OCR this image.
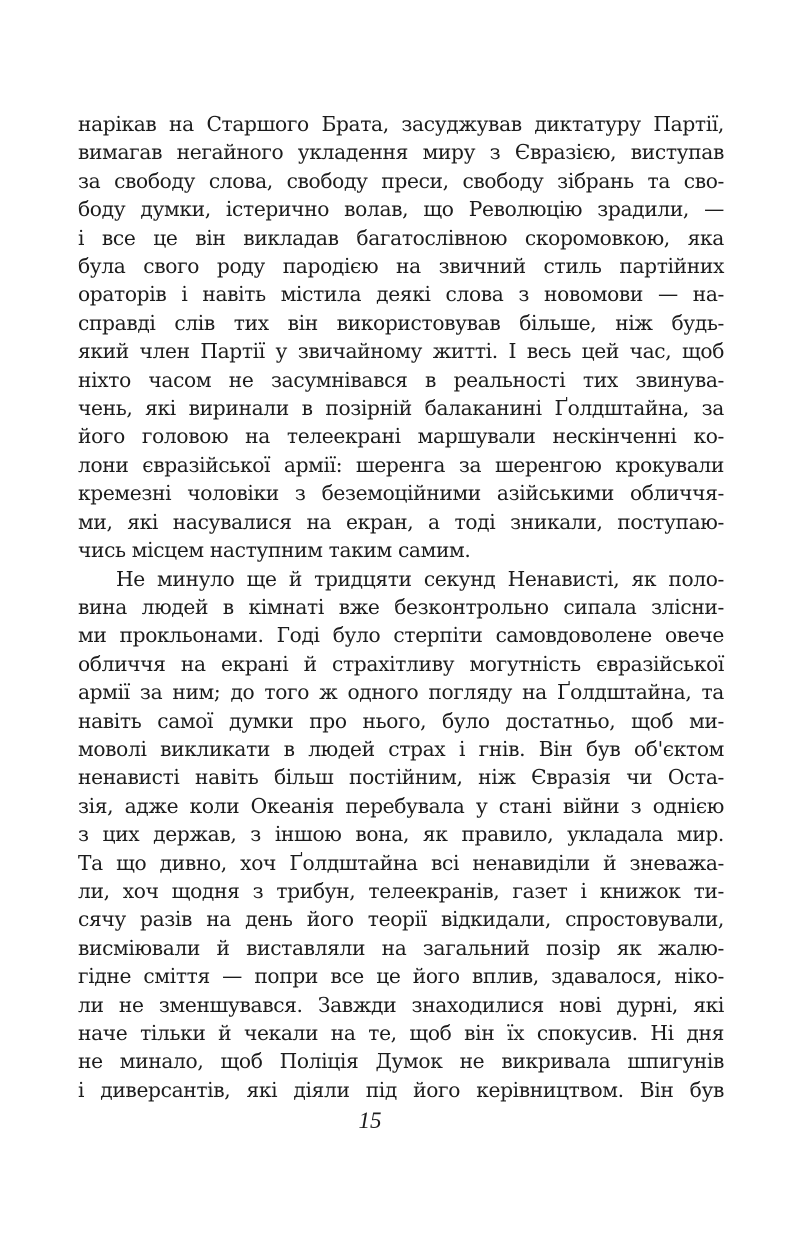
нарікав на Старшого Брата, засуджував диктатуру Партії,
вимагав негайного укладення миру з Євразією, виступав
за свободу слова, свободу преси, свободу зібрань та сво-
боду думки, істерично волав, що Революцію зрадили, —
і все це він викладав багатослівною скоромовкою, яка
була свого роду пародією на звичний стиль партійних
ораторів і навіть містила деякі слова з новомови — на-
справді слів тих він використовував більше, ніж будь-
який член Партії у звичайному житті. І весь цей час, щоб
ніхто часом не засумнівався в реальності тих звинува-
чень, які виринали в позірній балаканині Ґолдштайна, за
його головою на телеекрані маршували нескінченні ко-
лони євразійської армії: шеренга за шеренгою крокували
кремезні чоловіки з беземоційними азійськими обличчя-
ми, які насувалися на екран, а тоді зникали, поступаю-
чись місцем наступним таким самим.
Не минуло ще й тридцяти секунд Ненависті, як поло-
вина людей в кімнаті вже безконтрольно сипала злісни-
ми прокльонами. Годі було стерпіти самовдоволене овече
обличчя на екрані й страхітливу могутність євразійської
армії за ним; до того ж одного погляду на Ґолдштайна, та
навіть самої думки про нього, було достатньо, щоб ми-
моволі викликати в людей страх і гнів. Він був об'єктом
ненависті навіть більш постійним, ніж Євразія чи Оста-
зія, адже коли Океанія перебувала у стані війни з однією
з цих держав, з іншою вона, як правило, укладала мир.
Та що дивно, хоч Ґолдштайна всі ненавиділи й зневажа-
ли, хоч щодня з трибун, телеекранів, газет і книжок ти-
сячу разів на день його теорії відкидали, спростовували,
висміювали й виставляли на загальний позір як жалю-
гідне сміття — попри все це його вплив, здавалося, ніко-
ли не зменшувався. Завжди знаходилися нові дурні, які
наче тільки й чекали на те, щоб він їх спокусив. Ні дня
не минало, щоб Поліція Думок не викривала шпигунів
і диверсантів, які діяли під його керівництвом. Він був
15
